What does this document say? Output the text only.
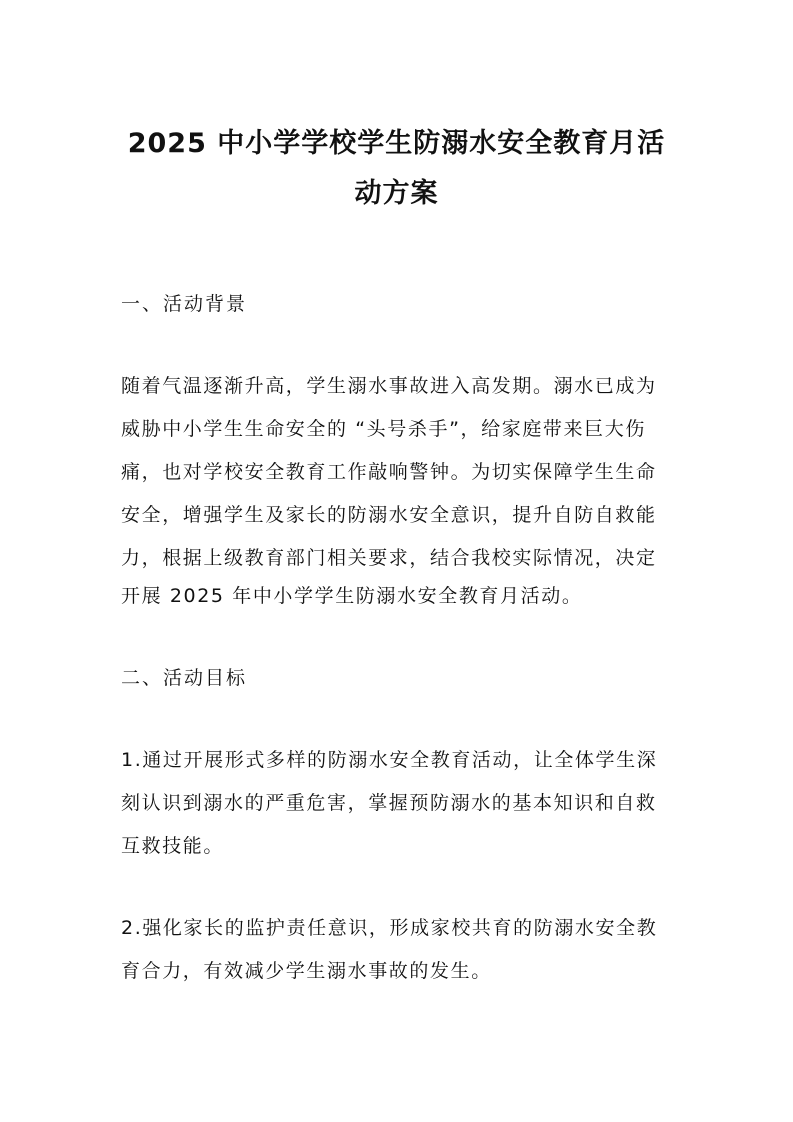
2025 中小学学校学生防溺水安全教育月活
动方案
一、活动背景
随着气温逐渐升高，学生溺水事故进入高发期。溺水已成为
威胁中小学生生命安全的 “头号杀手”，给家庭带来巨大伤
痛，也对学校安全教育工作敲响警钟。为切实保障学生生命
安全，增强学生及家长的防溺水安全意识，提升自防自救能
力，根据上级教育部门相关要求，结合我校实际情况，决定
开展 2025 年中小学学生防溺水安全教育月活动。
二、活动目标
1.通过开展形式多样的防溺水安全教育活动，让全体学生深
刻认识到溺水的严重危害，掌握预防溺水的基本知识和自救
互救技能。
2.强化家长的监护责任意识，形成家校共育的防溺水安全教
育合力，有效减少学生溺水事故的发生。
